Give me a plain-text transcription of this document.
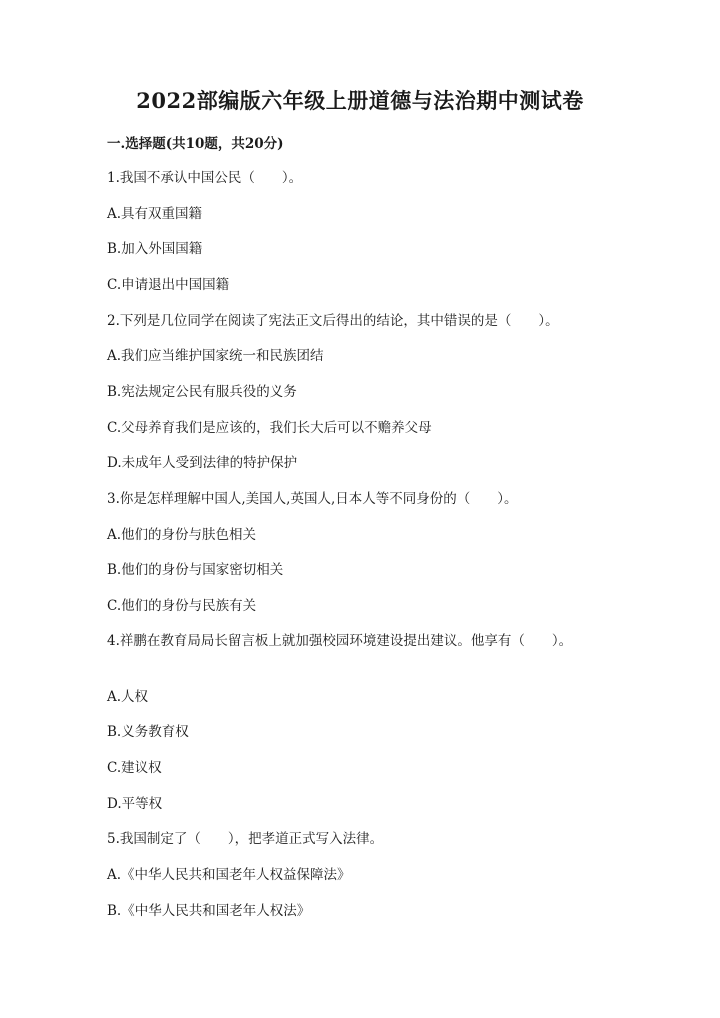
2022部编版六年级上册道德与法治期中测试卷
一.选择题(共10题，共20分)
1.我国不承认中国公民（　　）。
A.具有双重国籍
B.加入外国国籍
C.申请退出中国国籍
2.下列是几位同学在阅读了宪法正文后得出的结论，其中错误的是（　　）。
A.我们应当维护国家统一和民族团结
B.宪法规定公民有服兵役的义务
C.父母养育我们是应该的，我们长大后可以不赡养父母
D.未成年人受到法律的特护保护
3.你是怎样理解中国人,美国人,英国人,日本人等不同身份的（　　）。
A.他们的身份与肤色相关
B.他们的身份与国家密切相关
C.他们的身份与民族有关
4.祥鹏在教育局局长留言板上就加强校园环境建设提出建议。他享有（　　）。
A.人权
B.义务教育权
C.建议权
D.平等权
5.我国制定了（　　），把孝道正式写入法律。
A.《中华人民共和国老年人权益保障法》
B.《中华人民共和国老年人权法》
